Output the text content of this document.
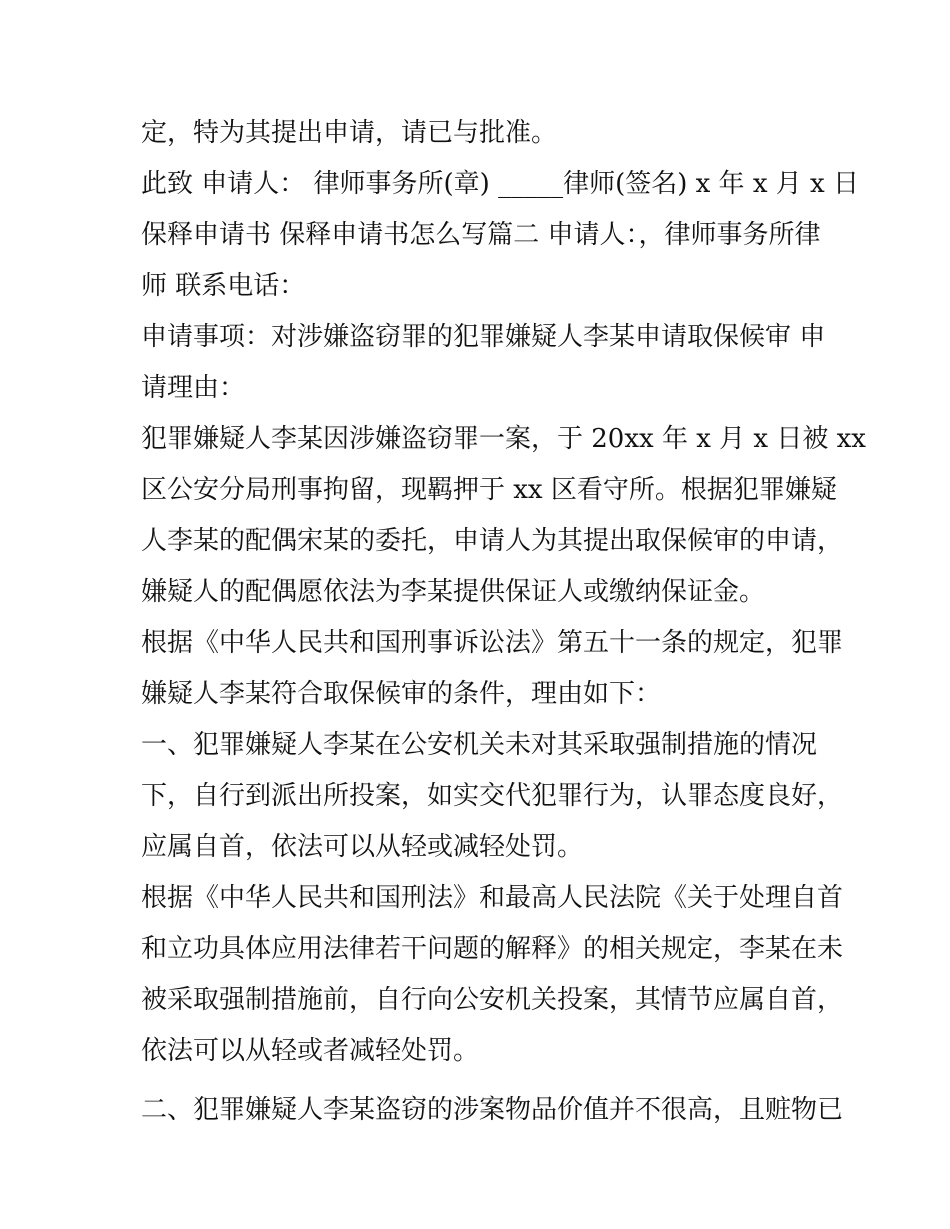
定，特为其提出申请，请已与批准。
此致 申请人： 律师事务所(章) _____律师(签名) x 年 x 月 x 日
保释申请书 保释申请书怎么写篇二 申请人：，律师事务所律
师 联系电话：
申请事项：对涉嫌盗窃罪的犯罪嫌疑人李某申请取保候审 申
请理由：
犯罪嫌疑人李某因涉嫌盗窃罪一案，于 20xx 年 x 月 x 日被 xx
区公安分局刑事拘留，现羁押于 xx 区看守所。根据犯罪嫌疑
人李某的配偶宋某的委托，申请人为其提出取保候审的申请，
嫌疑人的配偶愿依法为李某提供保证人或缴纳保证金。
根据《中华人民共和国刑事诉讼法》第五十一条的规定，犯罪
嫌疑人李某符合取保候审的条件，理由如下：
一、犯罪嫌疑人李某在公安机关未对其采取强制措施的情况
下，自行到派出所投案，如实交代犯罪行为，认罪态度良好，
应属自首，依法可以从轻或减轻处罚。
根据《中华人民共和国刑法》和最高人民法院《关于处理自首
和立功具体应用法律若干问题的解释》的相关规定，李某在未
被采取强制措施前，自行向公安机关投案，其情节应属自首，
依法可以从轻或者减轻处罚。
二、犯罪嫌疑人李某盗窃的涉案物品价值并不很高，且赃物已
